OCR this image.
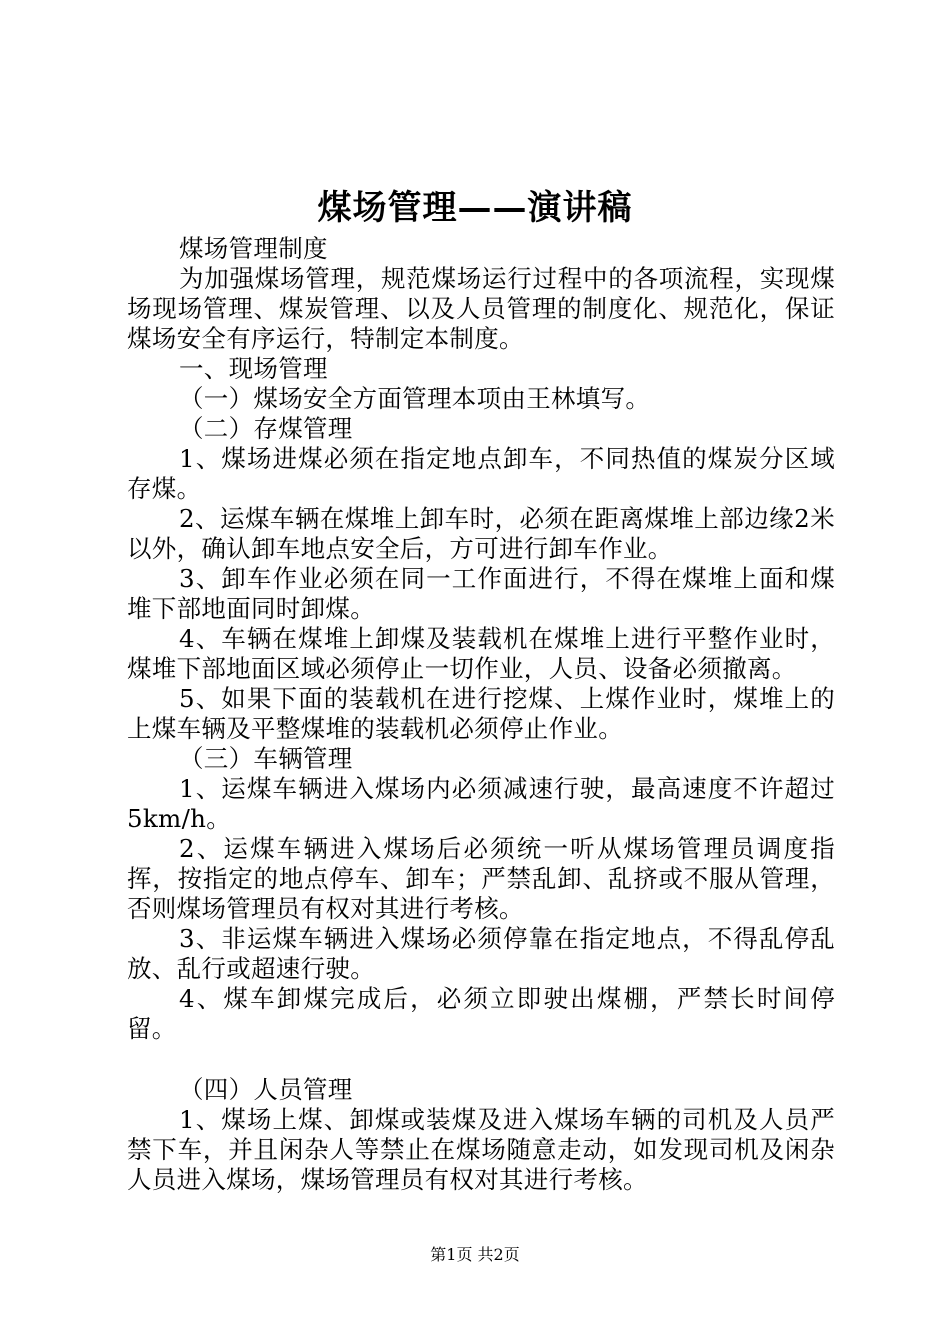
煤场管理——演讲稿

煤场管理制度

为加强煤场管理，规范煤场运行过程中的各项流程，实现煤场现场管理、煤炭管理、以及人员管理的制度化、规范化，保证煤场安全有序运行，特制定本制度。

一、现场管理

（一）煤场安全方面管理本项由王林填写。

（二）存煤管理

1、煤场进煤必须在指定地点卸车，不同热值的煤炭分区域存煤。

2、运煤车辆在煤堆上卸车时，必须在距离煤堆上部边缘2米以外，确认卸车地点安全后，方可进行卸车作业。

3、卸车作业必须在同一工作面进行，不得在煤堆上面和煤堆下部地面同时卸煤。

4、车辆在煤堆上卸煤及装载机在煤堆上进行平整作业时，煤堆下部地面区域必须停止一切作业，人员、设备必须撤离。

5、如果下面的装载机在进行挖煤、上煤作业时，煤堆上的上煤车辆及平整煤堆的装载机必须停止作业。

（三）车辆管理

1、运煤车辆进入煤场内必须减速行驶，最高速度不许超过5km/h。

2、运煤车辆进入煤场后必须统一听从煤场管理员调度指挥，按指定的地点停车、卸车；严禁乱卸、乱挤或不服从管理，否则煤场管理员有权对其进行考核。

3、非运煤车辆进入煤场必须停靠在指定地点，不得乱停乱放、乱行或超速行驶。

4、煤车卸煤完成后，必须立即驶出煤棚，严禁长时间停留。

（四）人员管理

1、煤场上煤、卸煤或装煤及进入煤场车辆的司机及人员严禁下车，并且闲杂人等禁止在煤场随意走动，如发现司机及闲杂人员进入煤场，煤场管理员有权对其进行考核。

第1页 共2页
